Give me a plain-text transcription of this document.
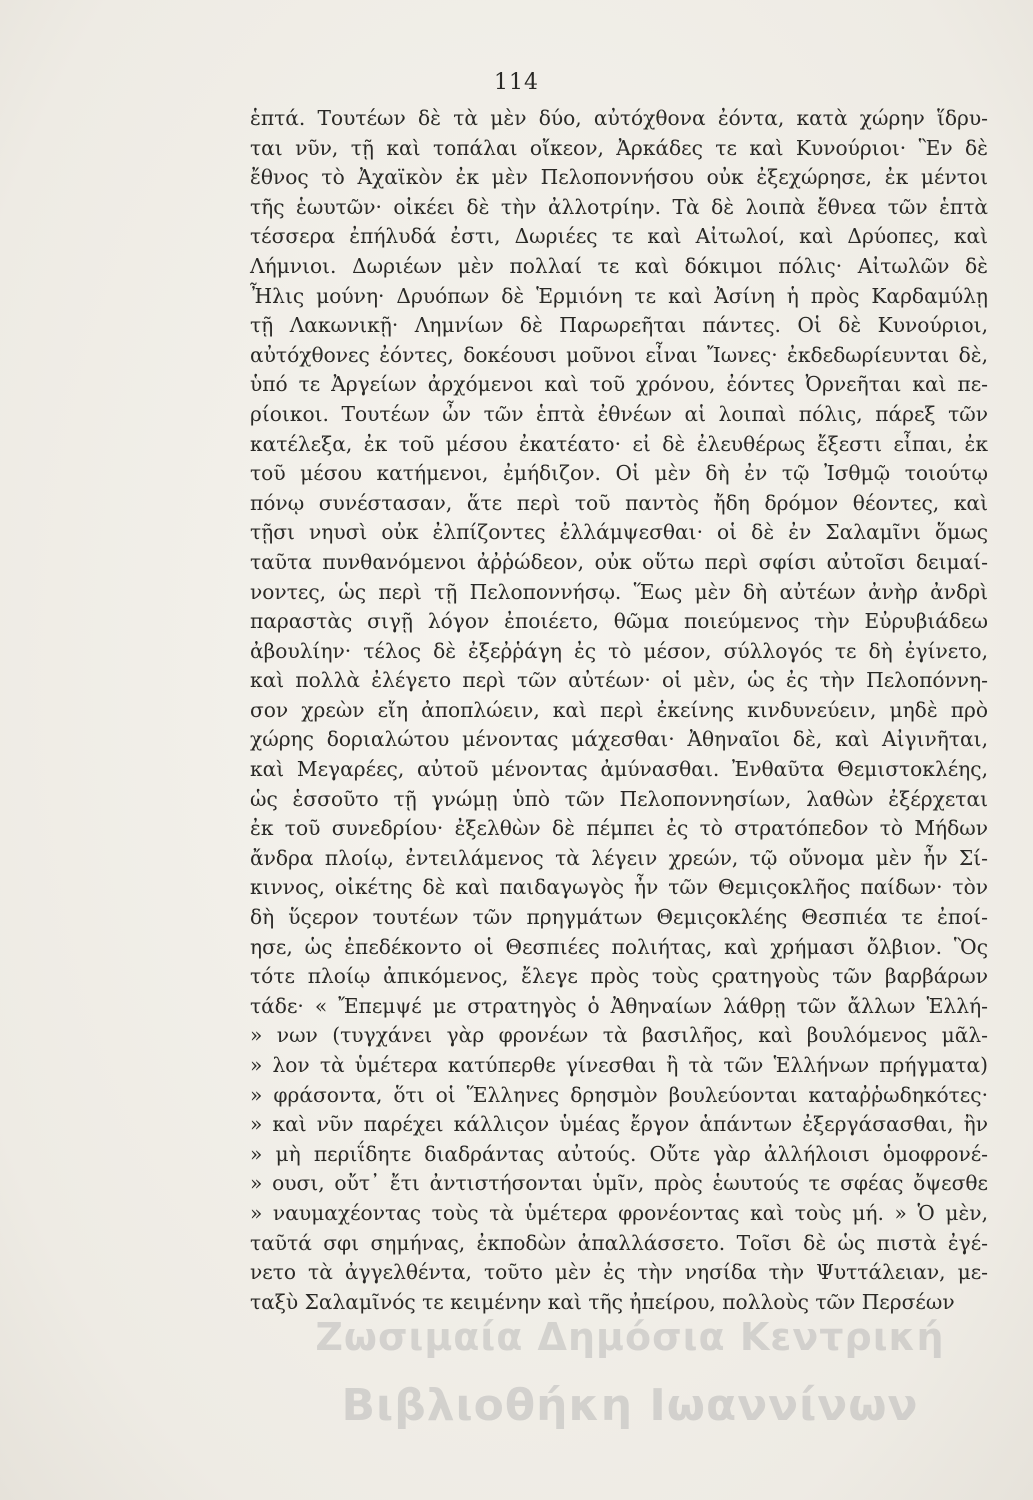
114
ἑπτά. Τουτέων δὲ τὰ μὲν δύο, αὐτόχθονα ἐόντα, κατὰ χώρην ἵδρυ-
ται νῦν, τῇ καὶ τοπάλαι οἴκεον, Ἀρκάδες τε καὶ Κυνούριοι· Ἓν δὲ
ἔθνος τὸ Ἀχαϊκὸν ἐκ μὲν Πελοποννήσου οὐκ ἐξεχώρησε, ἐκ μέντοι
τῆς ἑωυτῶν· οἰκέει δὲ τὴν ἀλλοτρίην. Τὰ δὲ λοιπὰ ἔθνεα τῶν ἑπτὰ
τέσσερα ἐπήλυδά ἐστι, Δωριέες τε καὶ Αἰτωλοί, καὶ Δρύοπες, καὶ
Λήμνιοι. Δωριέων μὲν πολλαί τε καὶ δόκιμοι πόλις· Αἰτωλῶν δὲ
Ἦλις μούνη· Δρυόπων δὲ Ἑρμιόνη τε καὶ Ἀσίνη ἡ πρὸς Καρδαμύλῃ
τῇ Λακωνικῇ· Λημνίων δὲ Παρωρεῆται πάντες. Οἱ δὲ Κυνούριοι,
αὐτόχθονες ἐόντες, δοκέουσι μοῦνοι εἶναι Ἴωνες· ἐκδεδωρίευνται δὲ,
ὑπό τε Ἀργείων ἀρχόμενοι καὶ τοῦ χρόνου, ἐόντες Ὀρνεῆται καὶ πε-
ρίοικοι. Τουτέων ὦν τῶν ἑπτὰ ἐθνέων αἱ λοιπαὶ πόλις, πάρεξ τῶν
κατέλεξα, ἐκ τοῦ μέσου ἐκατέατο· εἰ δὲ ἐλευθέρως ἔξεστι εἶπαι, ἐκ
τοῦ μέσου κατήμενοι, ἐμήδιζον. Οἱ μὲν δὴ ἐν τῷ Ἰσθμῷ τοιούτῳ
πόνῳ συνέστασαν, ἅτε περὶ τοῦ παντὸς ἤδη δρόμον θέοντες, καὶ
τῇσι νηυσὶ οὐκ ἐλπίζοντες ἐλλάμψεσθαι· οἱ δὲ ἐν Σαλαμῖνι ὅμως
ταῦτα πυνθανόμενοι ἀῤῥώδεον, οὐκ οὕτω περὶ σφίσι αὐτοῖσι δειμαί-
νοντες, ὡς περὶ τῇ Πελοποννήσῳ. Ἕως μὲν δὴ αὐτέων ἀνὴρ ἀνδρὶ
παραστὰς σιγῇ λόγον ἐποιέετο, θῶμα ποιεύμενος τὴν Εὐρυβιάδεω
ἀβουλίην· τέλος δὲ ἐξεῤῥάγη ἐς τὸ μέσον, σύλλογός τε δὴ ἐγίνετο,
καὶ πολλὰ ἐλέγετο περὶ τῶν αὐτέων· οἱ μὲν, ὡς ἐς τὴν Πελοπόννη-
σον χρεὼν εἴη ἀποπλώειν, καὶ περὶ ἐκείνης κινδυνεύειν, μηδὲ πρὸ
χώρης δοριαλώτου μένοντας μάχεσθαι· Ἀθηναῖοι δὲ, καὶ Αἰγινῆται,
καὶ Μεγαρέες, αὐτοῦ μένοντας ἀμύνασθαι. Ἐνθαῦτα Θεμιστοκλέης,
ὡς ἑσσοῦτο τῇ γνώμῃ ὑπὸ τῶν Πελοποννησίων, λαθὼν ἐξέρχεται
ἐκ τοῦ συνεδρίου· ἐξελθὼν δὲ πέμπει ἐς τὸ στρατόπεδον τὸ Μήδων
ἄνδρα πλοίῳ, ἐντειλάμενος τὰ λέγειν χρεών, τῷ οὔνομα μὲν ἦν Σί-
κιννος, οἰκέτης δὲ καὶ παιδαγωγὸς ἦν τῶν Θεμιςοκλῆος παίδων· τὸν
δὴ ὕςερον τουτέων τῶν πρηγμάτων Θεμιςοκλέης Θεσπιέα τε ἐποί-
ησε, ὡς ἐπεδέκοντο οἱ Θεσπιέες πολιήτας, καὶ χρήμασι ὄλβιον. Ὃς
τότε πλοίῳ ἀπικόμενος, ἔλεγε πρὸς τοὺς ςρατηγοὺς τῶν βαρβάρων
τάδε· « Ἔπεμψέ με στρατηγὸς ὁ Ἀθηναίων λάθρῃ τῶν ἄλλων Ἑλλή-
» νων (τυγχάνει γὰρ φρονέων τὰ βασιλῆος, καὶ βουλόμενος μᾶλ-
» λον τὰ ὑμέτερα κατύπερθε γίνεσθαι ἢ τὰ τῶν Ἑλλήνων πρήγματα)
» φράσοντα, ὅτι οἱ Ἕλληνες δρησμὸν βουλεύονται καταῤῥωδηκότες·
» καὶ νῦν παρέχει κάλλιςον ὑμέας ἔργον ἁπάντων ἐξεργάσασθαι, ἢν
» μὴ περιΐδητε διαδράντας αὐτούς. Οὔτε γὰρ ἀλλήλοισι ὁμοφρονέ-
» ουσι, οὔτ᾽ ἔτι ἀντιστήσονται ὑμῖν, πρὸς ἑωυτούς τε σφέας ὄψεσθε
» ναυμαχέοντας τοὺς τὰ ὑμέτερα φρονέοντας καὶ τοὺς μή. » Ὁ μὲν,
ταῦτά σφι σημήνας, ἐκποδὼν ἀπαλλάσσετο. Τοῖσι δὲ ὡς πιστὰ ἐγέ-
νετο τὰ ἀγγελθέντα, τοῦτο μὲν ἐς τὴν νησίδα τὴν Ψυττάλειαν, με-
ταξὺ Σαλαμῖνός τε κειμένην καὶ τῆς ἠπείρου, πολλοὺς τῶν Περσέων
Ζωσιμαία Δημόσια Κεντρική
Βιβλιοθήκη Ιωαννίνων
